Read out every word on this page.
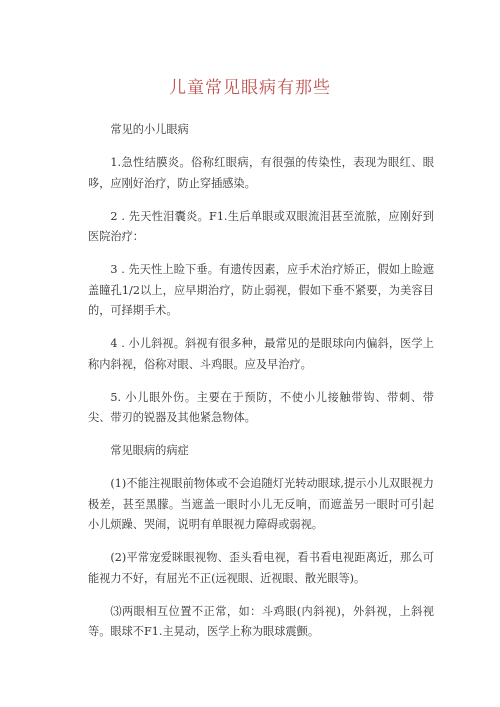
儿童常见眼病有那些

常见的小儿眼病

1.急性结膜炎。俗称红眼病，有很强的传染性，表现为眼红、眼哆，应刚好治疗，防止穿插感染。

2 . 先天性泪囊炎。F1.生后单眼或双眼流泪甚至流脓，应刚好到医院治疗：

3 . 先天性上睑下垂。有遗传因素，应手术治疗矫正，假如上睑遮盖瞳孔1/2以上，应早期治疗，防止弱视，假如下垂不紧要，为美容目的，可择期手术。

4 . 小儿斜视。斜视有很多种，最常见的是眼球向内偏斜，医学上称内斜视，俗称对眼、斗鸡眼。应及早治疗。

5. 小儿眼外伤。主要在于预防，不使小儿接触带钩、带刺、带尖、带刃的锐器及其他紧急物体。

常见眼病的病症

(1)不能注视眼前物体或不会追随灯光转动眼球,提示小儿双眼视力极差，甚至黑朦。当遮盖一眼时小儿无反响，而遮盖另一眼时可引起小儿烦躁、哭闹，说明有单眼视力障碍或弱视。

(2)平常宠爱眯眼视物、歪头看电视，看书看电视距离近，那么可能视力不好，有屈光不正(远视眼、近视眼、散光眼等)。

⑶两眼相互位置不正常，如：斗鸡眼(内斜视)，外斜视，上斜视等。眼球不F1.主晃动，医学上称为眼球震颤。
